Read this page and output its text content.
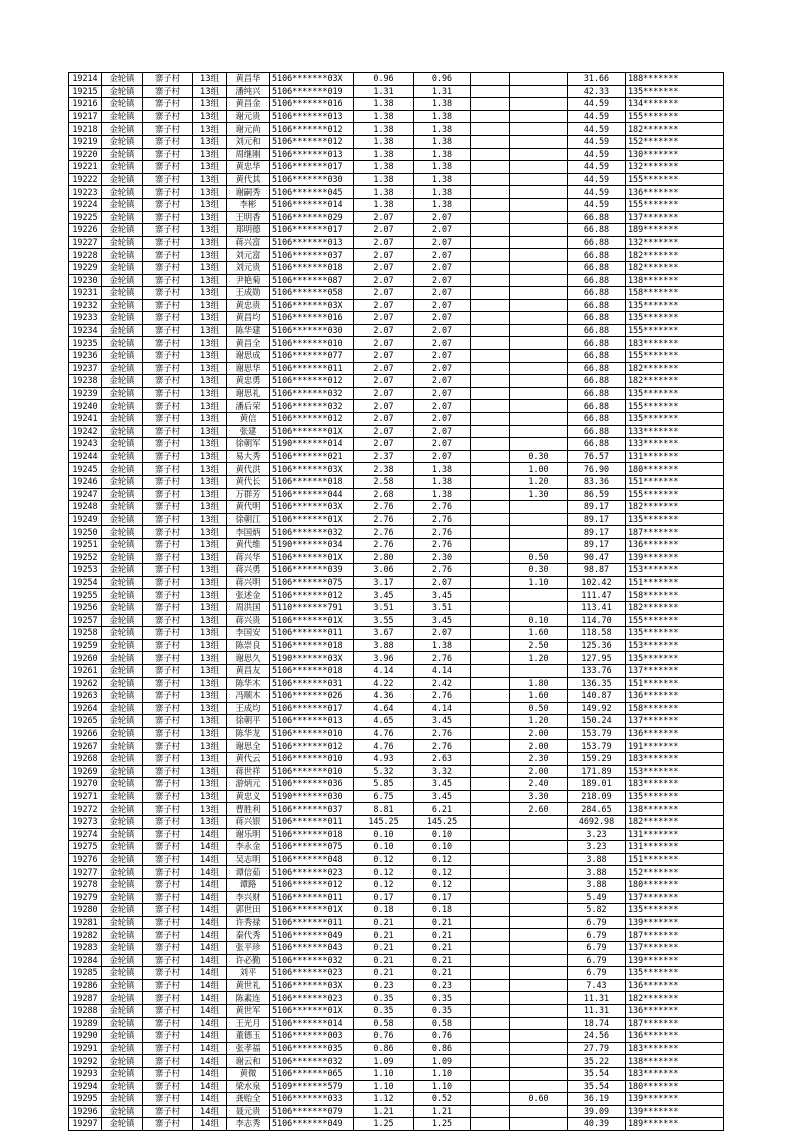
19214	金轮镇	寨子村	13组	黄昌华	5106*******03X	0.96	0.96			31.66	188*******
19215	金轮镇	寨子村	13组	潘纯兴	5106*******019	1.31	1.31			42.33	135*******
19216	金轮镇	寨子村	13组	黄昌金	5106*******016	1.38	1.38			44.59	134*******
19217	金轮镇	寨子村	13组	谢元贵	5106*******013	1.38	1.38			44.59	155*******
19218	金轮镇	寨子村	13组	谢元尚	5106*******012	1.38	1.38			44.59	182*******
19219	金轮镇	寨子村	13组	刘元和	5106*******012	1.38	1.38			44.59	152*******
19220	金轮镇	寨子村	13组	周继刚	5106*******013	1.38	1.38			44.59	130*******
19221	金轮镇	寨子村	13组	黄忠华	5106*******017	1.38	1.38			44.59	132*******
19222	金轮镇	寨子村	13组	黄代其	5106*******030	1.38	1.38			44.59	155*******
19223	金轮镇	寨子村	13组	谢嗣秀	5106*******045	1.38	1.38			44.59	136*******
19224	金轮镇	寨子村	13组	李彬	5106*******014	1.38	1.38			44.59	155*******
19225	金轮镇	寨子村	13组	王明香	5106*******029	2.07	2.07			66.88	137*******
19226	金轮镇	寨子村	13组	郑明德	5106*******017	2.07	2.07			66.88	189*******
19227	金轮镇	寨子村	13组	蒋兴富	5106*******013	2.07	2.07			66.88	132*******
19228	金轮镇	寨子村	13组	刘元富	5106*******037	2.07	2.07			66.88	182*******
19229	金轮镇	寨子村	13组	刘元贵	5106*******018	2.07	2.07			66.88	182*******
19230	金轮镇	寨子村	13组	尹艳菊	5106*******087	2.07	2.07			66.88	138*******
19231	金轮镇	寨子村	13组	王成勋	5106*******058	2.07	2.07			66.88	158*******
19232	金轮镇	寨子村	13组	黄忠贵	5106*******03X	2.07	2.07			66.88	135*******
19233	金轮镇	寨子村	13组	黄昌均	5106*******016	2.07	2.07			66.88	135*******
19234	金轮镇	寨子村	13组	陈华建	5106*******030	2.07	2.07			66.88	155*******
19235	金轮镇	寨子村	13组	黄昌全	5106*******010	2.07	2.07			66.88	183*******
19236	金轮镇	寨子村	13组	谢思成	5106*******077	2.07	2.07			66.88	155*******
19237	金轮镇	寨子村	13组	谢思华	5106*******011	2.07	2.07			66.88	182*******
19238	金轮镇	寨子村	13组	黄忠勇	5106*******012	2.07	2.07			66.88	182*******
19239	金轮镇	寨子村	13组	谢思礼	5106*******032	2.07	2.07			66.88	135*******
19240	金轮镇	寨子村	13组	潘后荣	5106*******032	2.07	2.07			66.88	155*******
19241	金轮镇	寨子村	13组	黄信	5106*******012	2.07	2.07			66.88	135*******
19242	金轮镇	寨子村	13组	张建	5106*******01X	2.07	2.07			66.88	133*******
19243	金轮镇	寨子村	13组	徐朝军	5190*******014	2.07	2.07			66.88	133*******
19244	金轮镇	寨子村	13组	易大秀	5106*******021	2.37	2.07		0.30	76.57	131*******
19245	金轮镇	寨子村	13组	黄代洪	5106*******03X	2.38	1.38		1.00	76.90	180*******
19246	金轮镇	寨子村	13组	黄代长	5106*******018	2.58	1.38		1.20	83.36	151*******
19247	金轮镇	寨子村	13组	万群芳	5106*******044	2.68	1.38		1.30	86.59	155*******
19248	金轮镇	寨子村	13组	黄代明	5106*******03X	2.76	2.76			89.17	182*******
19249	金轮镇	寨子村	13组	徐朝江	5106*******01X	2.76	2.76			89.17	135*******
19250	金轮镇	寨子村	13组	李国炳	5106*******032	2.76	2.76			89.17	187*******
19251	金轮镇	寨子村	13组	黄代维	5190*******034	2.76	2.76			89.17	136*******
19252	金轮镇	寨子村	13组	蒋兴华	5106*******01X	2.80	2.30		0.50	90.47	139*******
19253	金轮镇	寨子村	13组	蒋兴勇	5106*******039	3.06	2.76		0.30	98.87	153*******
19254	金轮镇	寨子村	13组	蒋兴明	5106*******075	3.17	2.07		1.10	102.42	151*******
19255	金轮镇	寨子村	13组	张述金	5106*******012	3.45	3.45			111.47	158*******
19256	金轮镇	寨子村	13组	周洪国	5110*******791	3.51	3.51			113.41	182*******
19257	金轮镇	寨子村	13组	蒋兴贵	5106*******01X	3.55	3.45		0.10	114.70	155*******
19258	金轮镇	寨子村	13组	李国安	5106*******011	3.67	2.07		1.60	118.58	135*******
19259	金轮镇	寨子村	13组	陈崇良	5106*******018	3.88	1.38		2.50	125.36	153*******
19260	金轮镇	寨子村	13组	谢思久	5190*******03X	3.96	2.76		1.20	127.95	135*******
19261	金轮镇	寨子村	13组	黄昌友	5106*******018	4.14	4.14			133.76	137*******
19262	金轮镇	寨子村	13组	陈华木	5106*******031	4.22	2.42		1.80	136.35	151*******
19263	金轮镇	寨子村	13组	冯顺木	5106*******026	4.36	2.76		1.60	140.87	136*******
19264	金轮镇	寨子村	13组	王成均	5106*******017	4.64	4.14		0.50	149.92	158*******
19265	金轮镇	寨子村	13组	徐朝平	5106*******013	4.65	3.45		1.20	150.24	137*******
19266	金轮镇	寨子村	13组	陈华龙	5106*******010	4.76	2.76		2.00	153.79	136*******
19267	金轮镇	寨子村	13组	谢思全	5106*******012	4.76	2.76		2.00	153.79	191*******
19268	金轮镇	寨子村	13组	黄代云	5106*******010	4.93	2.63		2.30	159.29	183*******
19269	金轮镇	寨子村	13组	蒋世祥	5106*******010	5.32	3.32		2.00	171.89	153*******
19270	金轮镇	寨子村	13组	游炳元	5106*******036	5.85	3.45		2.40	189.01	183*******
19271	金轮镇	寨子村	13组	黄忠义	5190*******030	6.75	3.45		3.30	218.09	135*******
19272	金轮镇	寨子村	13组	曹胜利	5106*******037	8.81	6.21		2.60	284.65	138*******
19273	金轮镇	寨子村	13组	蒋兴银	5106*******011	145.25	145.25			4692.98	182*******
19274	金轮镇	寨子村	14组	谢乐明	5106*******018	0.10	0.10			3.23	131*******
19275	金轮镇	寨子村	14组	李永金	5106*******075	0.10	0.10			3.23	131*******
19276	金轮镇	寨子村	14组	吴志明	5106*******048	0.12	0.12			3.88	151*******
19277	金轮镇	寨子村	14组	谭信茹	5106*******023	0.12	0.12			3.88	152*******
19278	金轮镇	寨子村	14组	谭路	5106*******012	0.12	0.12			3.88	180*******
19279	金轮镇	寨子村	14组	李兴财	5106*******011	0.17	0.17			5.49	137*******
19280	金轮镇	寨子村	14组	郭世田	5106*******01X	0.18	0.18			5.82	135*******
19281	金轮镇	寨子村	14组	许秀禄	5106*******011	0.21	0.21			6.79	139*******
19282	金轮镇	寨子村	14组	秦代秀	5106*******049	0.21	0.21			6.79	187*******
19283	金轮镇	寨子村	14组	张平珍	5106*******043	0.21	0.21			6.79	137*******
19284	金轮镇	寨子村	14组	许必勤	5106*******032	0.21	0.21			6.79	139*******
19285	金轮镇	寨子村	14组	刘平	5106*******023	0.21	0.21			6.79	135*******
19286	金轮镇	寨子村	14组	黄世礼	5106*******03X	0.23	0.23			7.43	136*******
19287	金轮镇	寨子村	14组	陈素连	5106*******023	0.35	0.35			11.31	182*******
19288	金轮镇	寨子村	14组	黄世军	5106*******01X	0.35	0.35			11.31	136*******
19289	金轮镇	寨子村	14组	王光月	5106*******014	0.58	0.58			18.74	187*******
19290	金轮镇	寨子村	14组	董德玉	5106*******003	0.76	0.76			24.56	136*******
19291	金轮镇	寨子村	14组	张孝福	5106*******035	0.86	0.86			27.79	183*******
19292	金轮镇	寨子村	14组	谢云和	5106*******032	1.09	1.09			35.22	138*******
19293	金轮镇	寨子村	14组	黄微	5106*******065	1.10	1.10			35.54	183*******
19294	金轮镇	寨子村	14组	梁水泉	5109*******579	1.10	1.10			35.54	180*******
19295	金轮镇	寨子村	14组	龚贻全	5106*******033	1.12	0.52		0.60	36.19	139*******
19296	金轮镇	寨子村	14组	聂元贵	5106*******079	1.21	1.21			39.09	139*******
19297	金轮镇	寨子村	14组	李志秀	5106*******049	1.25	1.25			40.39	189*******
